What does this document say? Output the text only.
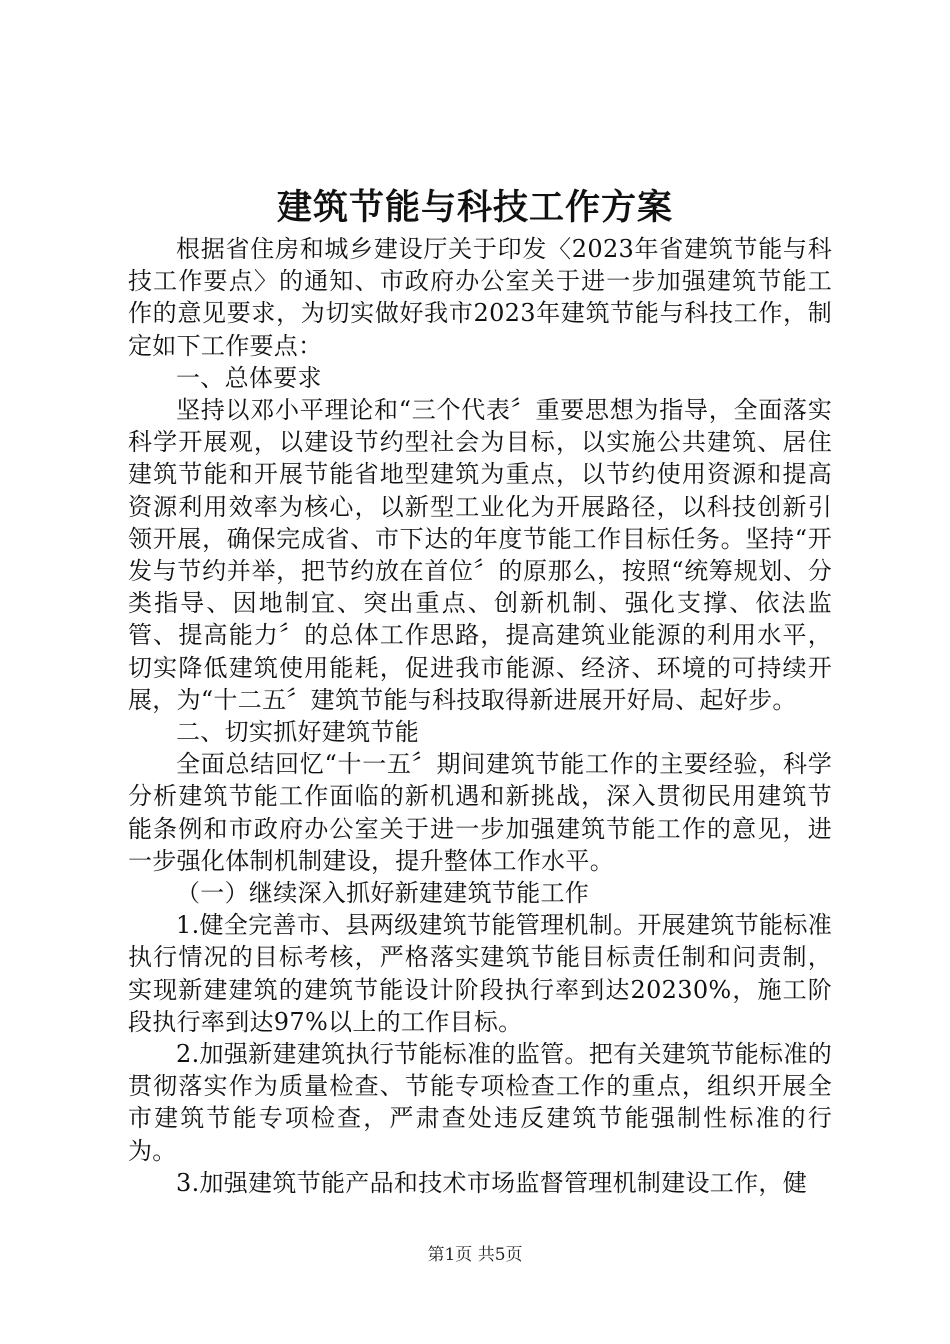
建筑节能与科技工作方案

根据省住房和城乡建设厅关于印发〈2023年省建筑节能与科技工作要点〉的通知、市政府办公室关于进一步加强建筑节能工作的意见要求，为切实做好我市2023年建筑节能与科技工作，制定如下工作要点：

一、总体要求

坚持以邓小平理论和“三个代表〞重要思想为指导，全面落实科学开展观，以建设节约型社会为目标，以实施公共建筑、居住建筑节能和开展节能省地型建筑为重点，以节约使用资源和提高资源利用效率为核心，以新型工业化为开展路径，以科技创新引领开展，确保完成省、市下达的年度节能工作目标任务。坚持“开发与节约并举，把节约放在首位〞的原那么，按照“统筹规划、分类指导、因地制宜、突出重点、创新机制、强化支撑、依法监管、提高能力〞的总体工作思路，提高建筑业能源的利用水平，切实降低建筑使用能耗，促进我市能源、经济、环境的可持续开展，为“十二五〞建筑节能与科技取得新进展开好局、起好步。

二、切实抓好建筑节能

全面总结回忆“十一五〞期间建筑节能工作的主要经验，科学分析建筑节能工作面临的新机遇和新挑战，深入贯彻民用建筑节能条例和市政府办公室关于进一步加强建筑节能工作的意见，进一步强化体制机制建设，提升整体工作水平。

（一）继续深入抓好新建建筑节能工作

1.健全完善市、县两级建筑节能管理机制。开展建筑节能标准执行情况的目标考核，严格落实建筑节能目标责任制和问责制，实现新建建筑的建筑节能设计阶段执行率到达20230%，施工阶段执行率到达97%以上的工作目标。

2.加强新建建筑执行节能标准的监管。把有关建筑节能标准的贯彻落实作为质量检查、节能专项检查工作的重点，组织开展全市建筑节能专项检查，严肃查处违反建筑节能强制性标准的行为。

3.加强建筑节能产品和技术市场监督管理机制建设工作，健

第1页 共5页
